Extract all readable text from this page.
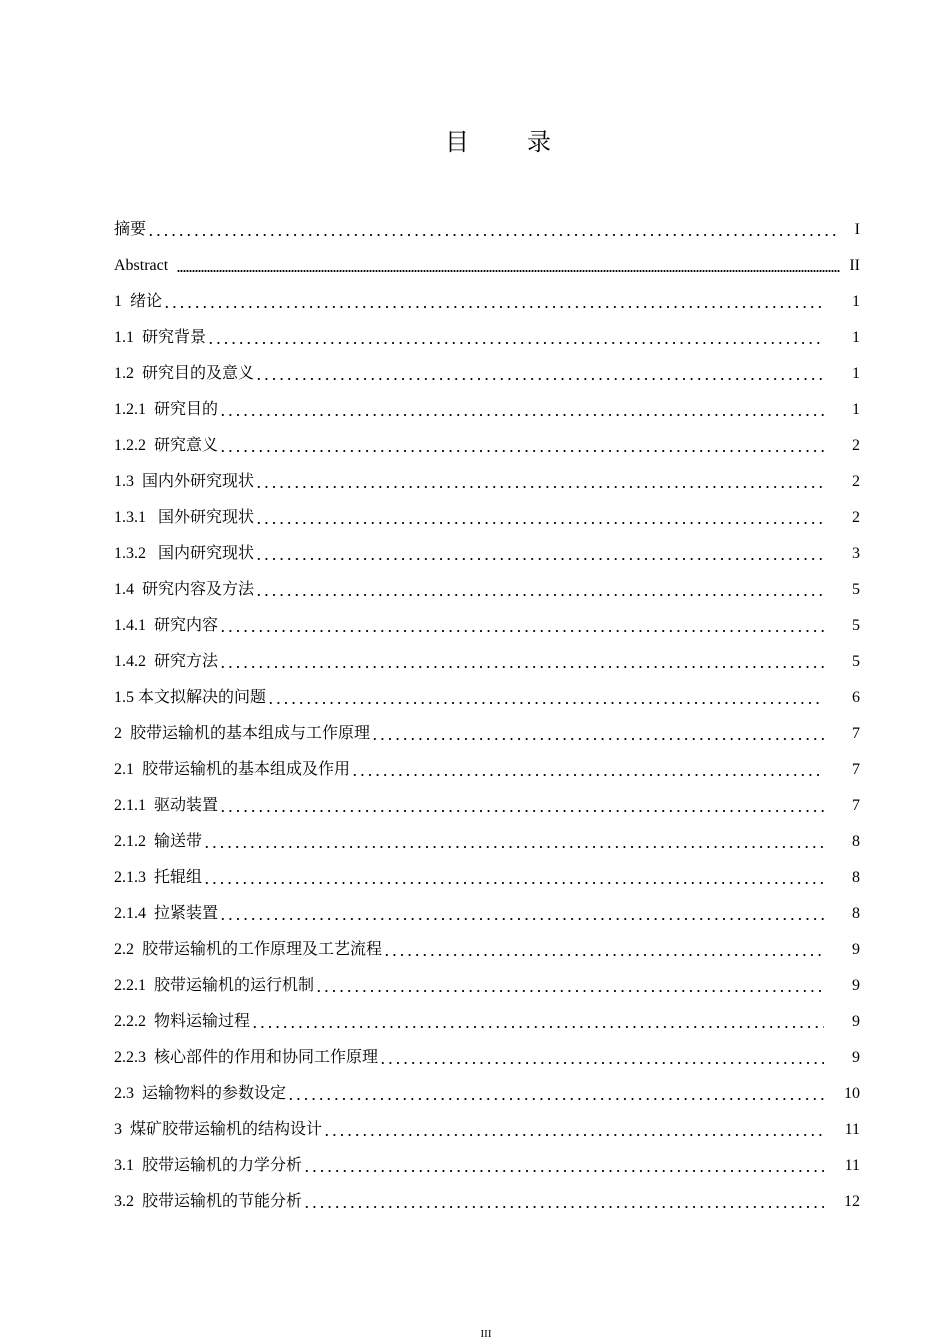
目 录
摘要	I
Abstract	II
1  绪论	1
1.1  研究背景	1
1.2  研究目的及意义	1
1.2.1  研究目的	1
1.2.2  研究意义	2
1.3  国内外研究现状	2
1.3.1   国外研究现状	2
1.3.2   国内研究现状	3
1.4  研究内容及方法	5
1.4.1  研究内容	5
1.4.2  研究方法	5
1.5 本文拟解决的问题	6
2  胶带运输机的基本组成与工作原理	7
2.1  胶带运输机的基本组成及作用	7
2.1.1  驱动装置	7
2.1.2  输送带	8
2.1.3  托辊组	8
2.1.4  拉紧装置	8
2.2  胶带运输机的工作原理及工艺流程	9
2.2.1  胶带运输机的运行机制	9
2.2.2  物料运输过程	9
2.2.3  核心部件的作用和协同工作原理	9
2.3  运输物料的参数设定	10
3  煤矿胶带运输机的结构设计	11
3.1  胶带运输机的力学分析	11
3.2  胶带运输机的节能分析	12
III
